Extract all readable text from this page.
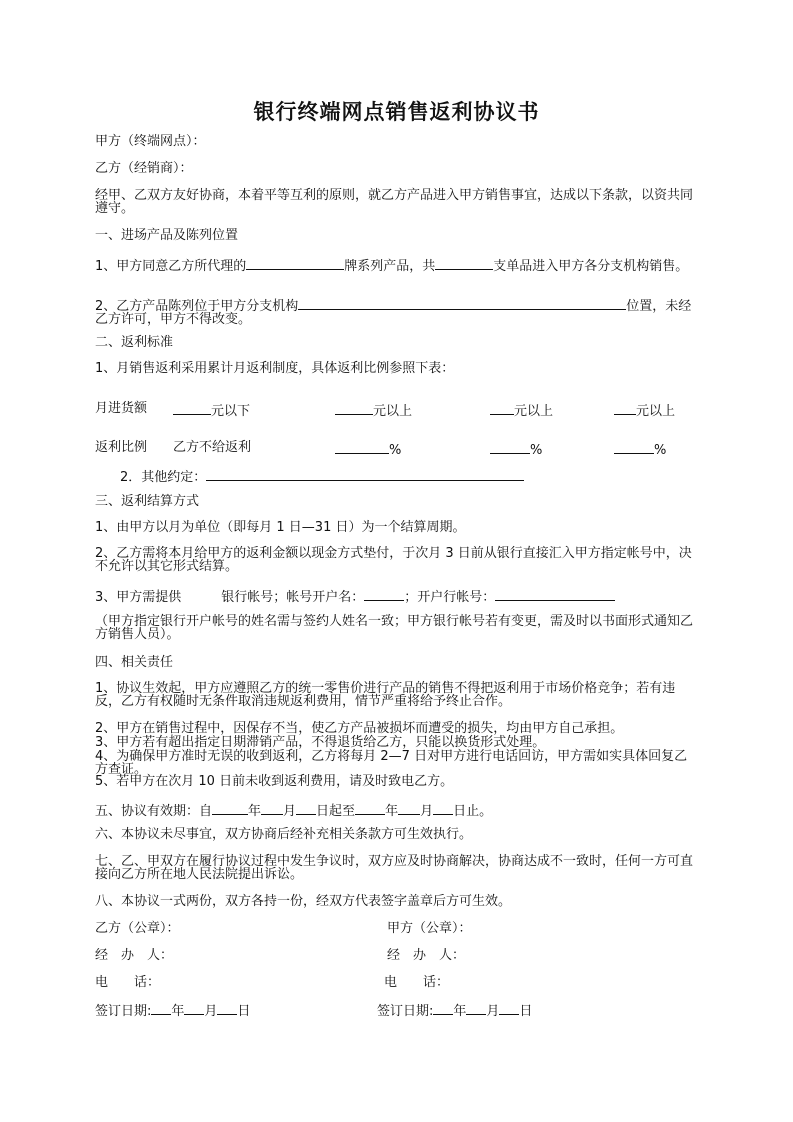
银行终端网点销售返利协议书
甲方（终端网点）：
乙方（经销商）：
经甲、乙双方友好协商，本着平等互利的原则，就乙方产品进入甲方销售事宜，达成以下条款，以资共同遵守。
一、进场产品及陈列位置
1、甲方同意乙方所代理的	牌系列产品，共	支单品进入甲方各分支机构销售。
2、乙方产品陈列位于甲方分支机构	位置，未经乙方许可，甲方不得改变。
二、返利标准
1、月销售返利采用累计月返利制度，具体返利比例参照下表：
月进货额	元以下	元以上	元以上	元以上
返利比例 乙方不给返利	%	%	%
2．其他约定：
三、返利结算方式
1、由甲方以月为单位（即每月 1 日—31 日）为一个结算周期。
2、乙方需将本月给甲方的返利金额以现金方式垫付，于次月 3 日前从银行直接汇入甲方指定帐号中，决不允许以其它形式结算。
3、甲方需提供	银行帐号；帐号开户名：	；开户行帐号：
（甲方指定银行开户帐号的姓名需与签约人姓名一致；甲方银行帐号若有变更，需及时以书面形式通知乙方销售人员）。
四、相关责任
1、协议生效起，甲方应遵照乙方的统一零售价进行产品的销售不得把返利用于市场价格竞争；若有违反，乙方有权随时无条件取消违规返利费用，情节严重将给予终止合作。
2、甲方在销售过程中，因保存不当，使乙方产品被损坏而遭受的损失，均由甲方自己承担。
3、甲方若有超出指定日期滞销产品，不得退货给乙方，只能以换货形式处理。
4、为确保甲方准时无误的收到返利，乙方将每月 2—7 日对甲方进行电话回访，甲方需如实具体回复乙方查证。
5、若甲方在次月 10 日前未收到返利费用，请及时致电乙方。
五、协议有效期：自	年 月 日起至 年 月 日止。
六、本协议未尽事宜，双方协商后经补充相关条款方可生效执行。
七、乙、甲双方在履行协议过程中发生争议时，双方应及时协商解决，协商达成不一致时，任何一方可直接向乙方所在地人民法院提出诉讼。
八、本协议一式两份，双方各持一份，经双方代表签字盖章后方可生效。
乙方（公章）：	甲方（公章）：
经　办　人：	经　办　人：
电　　话：	电　　话：
签订日期: 年 月 日	签订日期: 年 月 日
